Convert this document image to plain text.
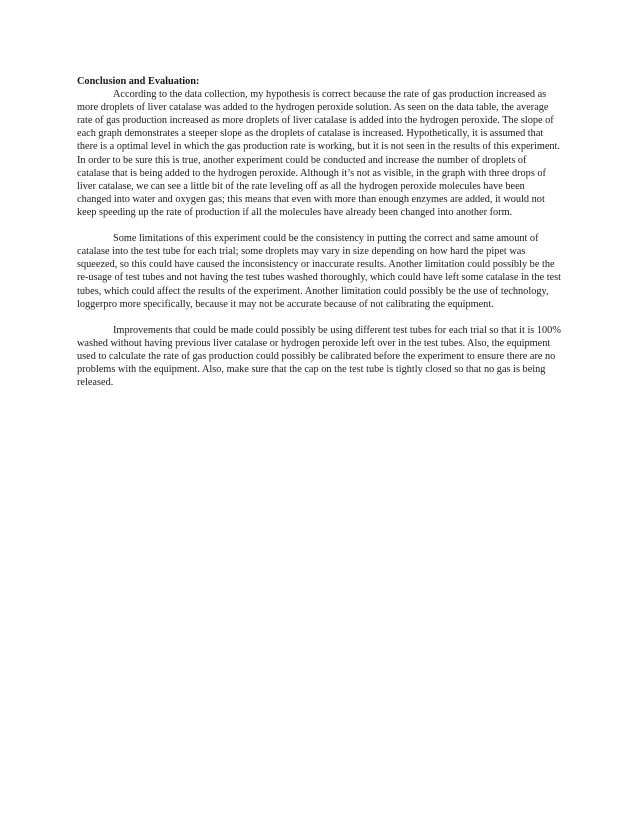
Conclusion and Evaluation:

According to the data collection, my hypothesis is correct because the rate of gas production increased as more droplets of liver catalase was added to the hydrogen peroxide solution. As seen on the data table, the average rate of gas production increased as more droplets of liver catalase is added into the hydrogen peroxide. The slope of each graph demonstrates a steeper slope as the droplets of catalase is increased. Hypothetically, it is assumed that there is a optimal level in which the gas production rate is working, but it is not seen in the results of this experiment. In order to be sure this is true, another experiment could be conducted and increase the number of droplets of catalase that is being added to the hydrogen peroxide. Although it’s not as visible, in the graph with three drops of liver catalase, we can see a little bit of the rate leveling off as all the hydrogen peroxide molecules have been changed into water and oxygen gas; this means that even with more than enough enzymes are added, it would not keep speeding up the rate of production if all the molecules have already been changed into another form.

Some limitations of this experiment could be the consistency in putting the correct and same amount of catalase into the test tube for each trial; some droplets may vary in size depending on how hard the pipet was squeezed, so this could have caused the inconsistency or inaccurate results. Another limitation could possibly be the re-usage of test tubes and not having the test tubes washed thoroughly, which could have left some catalase in the test tubes, which could affect the results of the experiment. Another limitation could possibly be the use of technology, loggerpro more specifically, because it may not be accurate because of not calibrating the equipment.

Improvements that could be made could possibly be using different test tubes for each trial so that it is 100% washed without having previous liver catalase or hydrogen peroxide left over in the test tubes. Also, the equipment used to calculate the rate of gas production could possibly be calibrated before the experiment to ensure there are no problems with the equipment. Also, make sure that the cap on the test tube is tightly closed so that no gas is being released.
